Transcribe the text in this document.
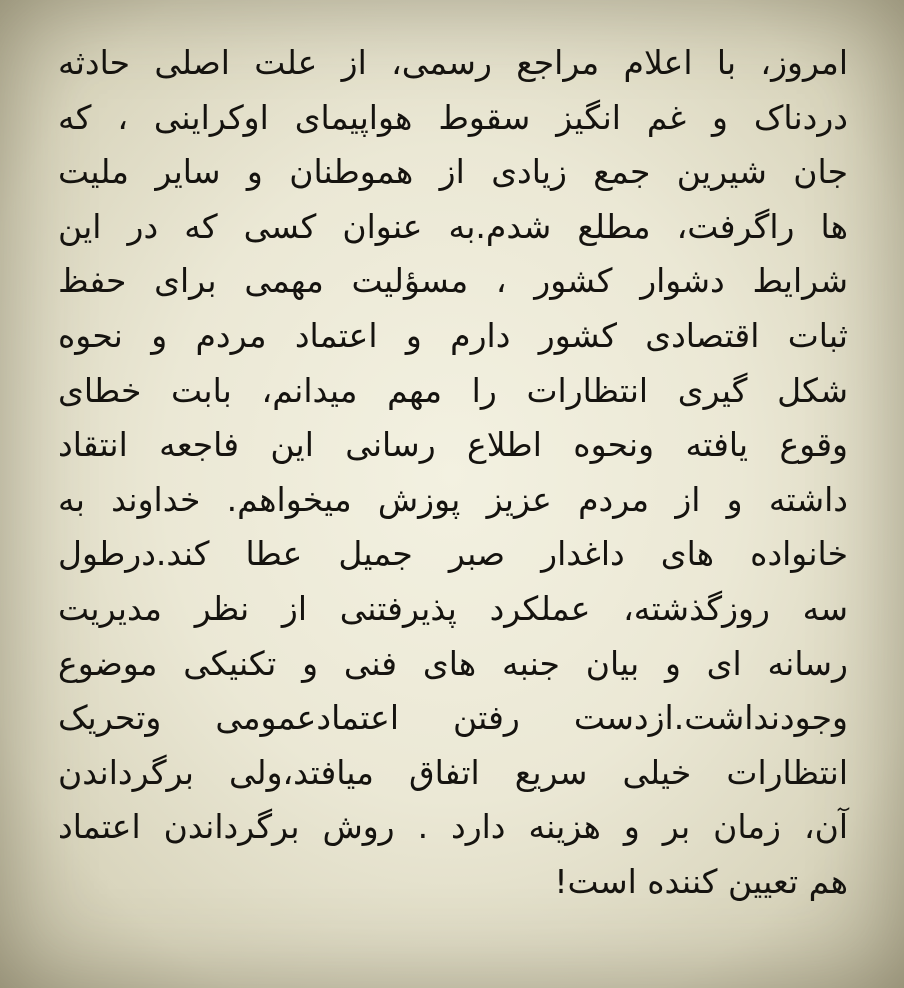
امروز، با اعلام مراجع رسمی، از علت اصلی حادثه
دردناک و غم انگیز سقوط هواپیمای اوکراینی ، که
جان شیرین جمع زیادی از هموطنان و سایر ملیت
ها راگرفت، مطلع شدم.به عنوان کسی که در این
شرایط دشوار کشور ، مسؤلیت مهمی برای حفظ
ثبات اقتصادی کشور دارم و اعتماد مردم و نحوه
شکل گیری انتظارات را مهم میدانم، بابت خطای
وقوع یافته ونحوه اطلاع رسانی این فاجعه انتقاد
داشته و از مردم عزیز پوزش میخواهم. خداوند به
خانواده های داغدار صبر جمیل عطا کند.درطول
سه روزگذشته، عملکرد پذیرفتنی از نظر مدیریت
رسانه ای و بیان جنبه های فنی و تکنیکی موضوع
وجودنداشت.ازدست رفتن اعتمادعمومی وتحریک
انتظارات خیلی سریع اتفاق میافتد،ولی برگرداندن
آن، زمان بر و هزینه دارد . روش برگرداندن اعتماد
هم تعیین کننده است!
